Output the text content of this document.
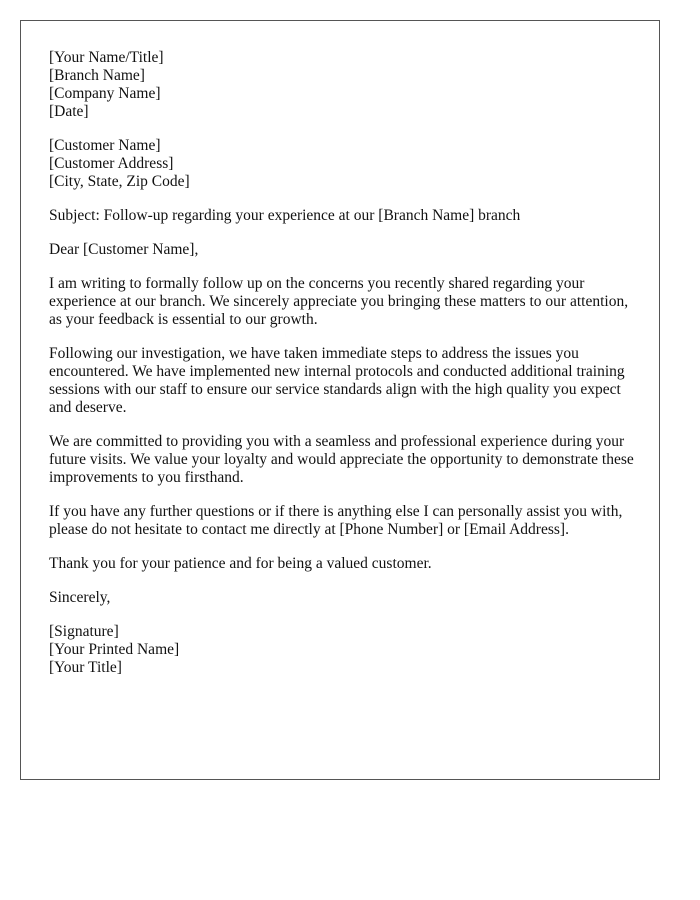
[Your Name/Title]
[Branch Name]
[Company Name]
[Date]
[Customer Name]
[Customer Address]
[City, State, Zip Code]

Subject: Follow-up regarding your experience at our [Branch Name] branch

Dear [Customer Name],

I am writing to formally follow up on the concerns you recently shared regarding your experience at our branch. We sincerely appreciate you bringing these matters to our attention, as your feedback is essential to our growth.

Following our investigation, we have taken immediate steps to address the issues you encountered. We have implemented new internal protocols and conducted additional training sessions with our staff to ensure our service standards align with the high quality you expect and deserve.

We are committed to providing you with a seamless and professional experience during your future visits. We value your loyalty and would appreciate the opportunity to demonstrate these improvements to you firsthand.

If you have any further questions or if there is anything else I can personally assist you with, please do not hesitate to contact me directly at [Phone Number] or [Email Address].

Thank you for your patience and for being a valued customer.

Sincerely,

[Signature]
[Your Printed Name]
[Your Title]
